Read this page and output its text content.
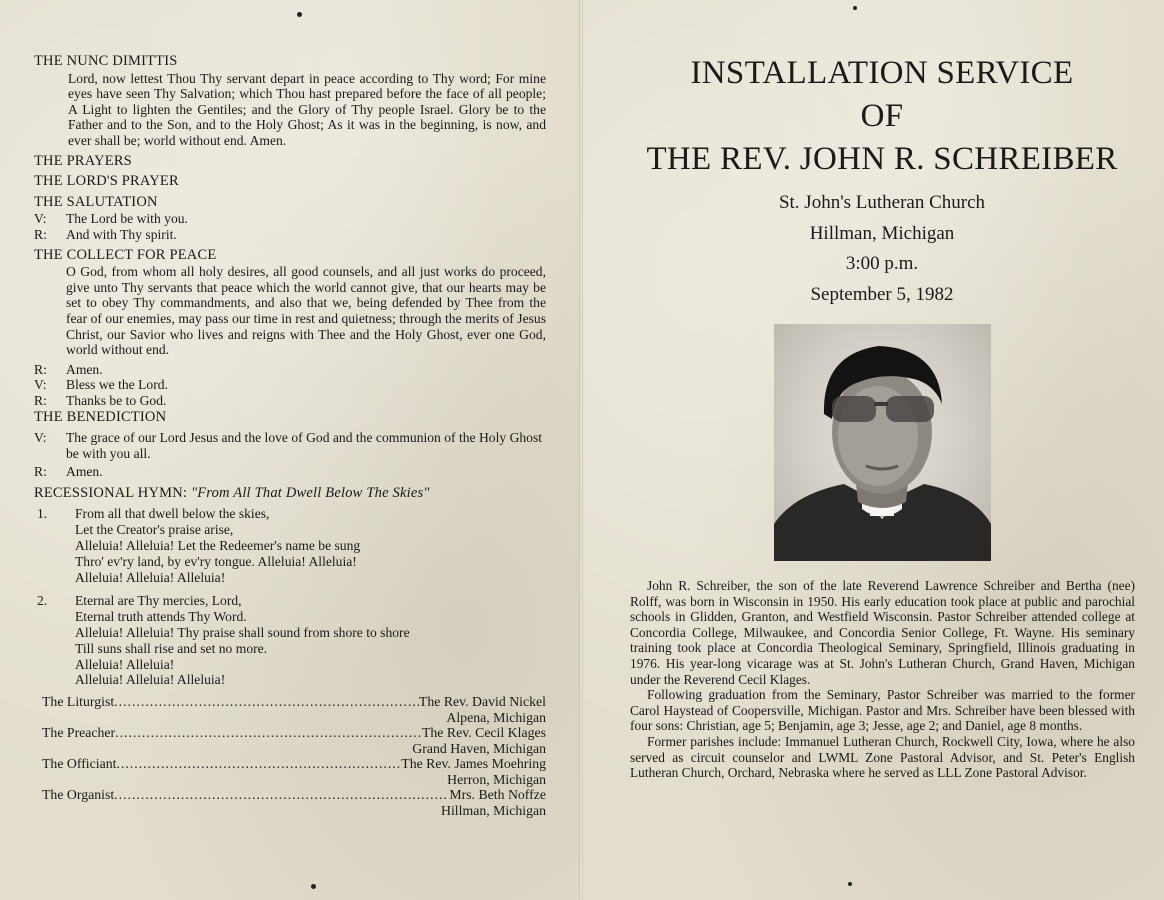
THE NUNC DIMITTIS
Lord, now lettest Thou Thy servant depart in peace according to Thy word; For mine eyes have seen Thy Salvation; which Thou hast prepared before the face of all people; A Light to lighten the Gentiles; and the Glory of Thy people Israel. Glory be to the Father and to the Son, and to the Holy Ghost; As it was in the beginning, is now, and ever shall be; world without end. Amen.
THE PRAYERS
THE LORD'S PRAYER
THE SALUTATION
V:	The Lord be with you.
R:	And with Thy spirit.
THE COLLECT FOR PEACE
O God, from whom all holy desires, all good counsels, and all just works do proceed, give unto Thy servants that peace which the world cannot give, that our hearts may be set to obey Thy commandments, and also that we, being defended by Thee from the fear of our enemies, may pass our time in rest and quietness; through the merits of Jesus Christ, our Savior who lives and reigns with Thee and the Holy Ghost, ever one God, world without end.
R:	Amen.
V:	Bless we the Lord.
R:	Thanks be to God.
THE BENEDICTION
V:	The grace of our Lord Jesus and the love of God and the communion of the Holy Ghost be with you all.
R:	Amen.
RECESSIONAL HYMN: "From All That Dwell Below The Skies"
1.	From all that dwell below the skies,
Let the Creator's praise arise,
Alleluia! Alleluia! Let the Redeemer's name be sung
Thro' ev'ry land, by ev'ry tongue. Alleluia! Alleluia!
Alleluia! Alleluia! Alleluia!
2.	Eternal are Thy mercies, Lord,
Eternal truth attends Thy Word.
Alleluia! Alleluia! Thy praise shall sound from shore to shore
Till suns shall rise and set no more.
Alleluia! Alleluia!
Alleluia! Alleluia! Alleluia!
The Liturgist .....	The Rev. David Nickel
Alpena, Michigan
The Preacher .....	The Rev. Cecil Klages
Grand Haven, Michigan
The Officiant .....	The Rev. James Moehring
Herron, Michigan
The Organist .....	Mrs. Beth Noffze
Hillman, Michigan
INSTALLATION SERVICE
OF
THE REV. JOHN R. SCHREIBER
St. John's Lutheran Church
Hillman, Michigan
3:00 p.m.
September 5, 1982

John R. Schreiber, the son of the late Reverend Lawrence Schreiber and Bertha (nee) Rolff, was born in Wisconsin in 1950. His early education took place at public and parochial schools in Glidden, Granton, and Westfield Wisconsin. Pastor Schreiber attended college at Concordia College, Milwaukee, and Concordia Senior College, Ft. Wayne. His seminary training took place at Concordia Theological Seminary, Springfield, Illinois graduating in 1976. His year-long vicarage was at St. John's Lutheran Church, Grand Haven, Michigan under the Reverend Cecil Klages.

Following graduation from the Seminary, Pastor Schreiber was married to the former Carol Haystead of Coopersville, Michigan. Pastor and Mrs. Schreiber have been blessed with four sons: Christian, age 5; Benjamin, age 3; Jesse, age 2; and Daniel, age 8 months.

Former parishes include: Immanuel Lutheran Church, Rockwell City, Iowa, where he also served as circuit counselor and LWML Zone Pastoral Advisor, and St. Peter's English Lutheran Church, Orchard, Nebraska where he served as LLL Zone Pastoral Advisor.
